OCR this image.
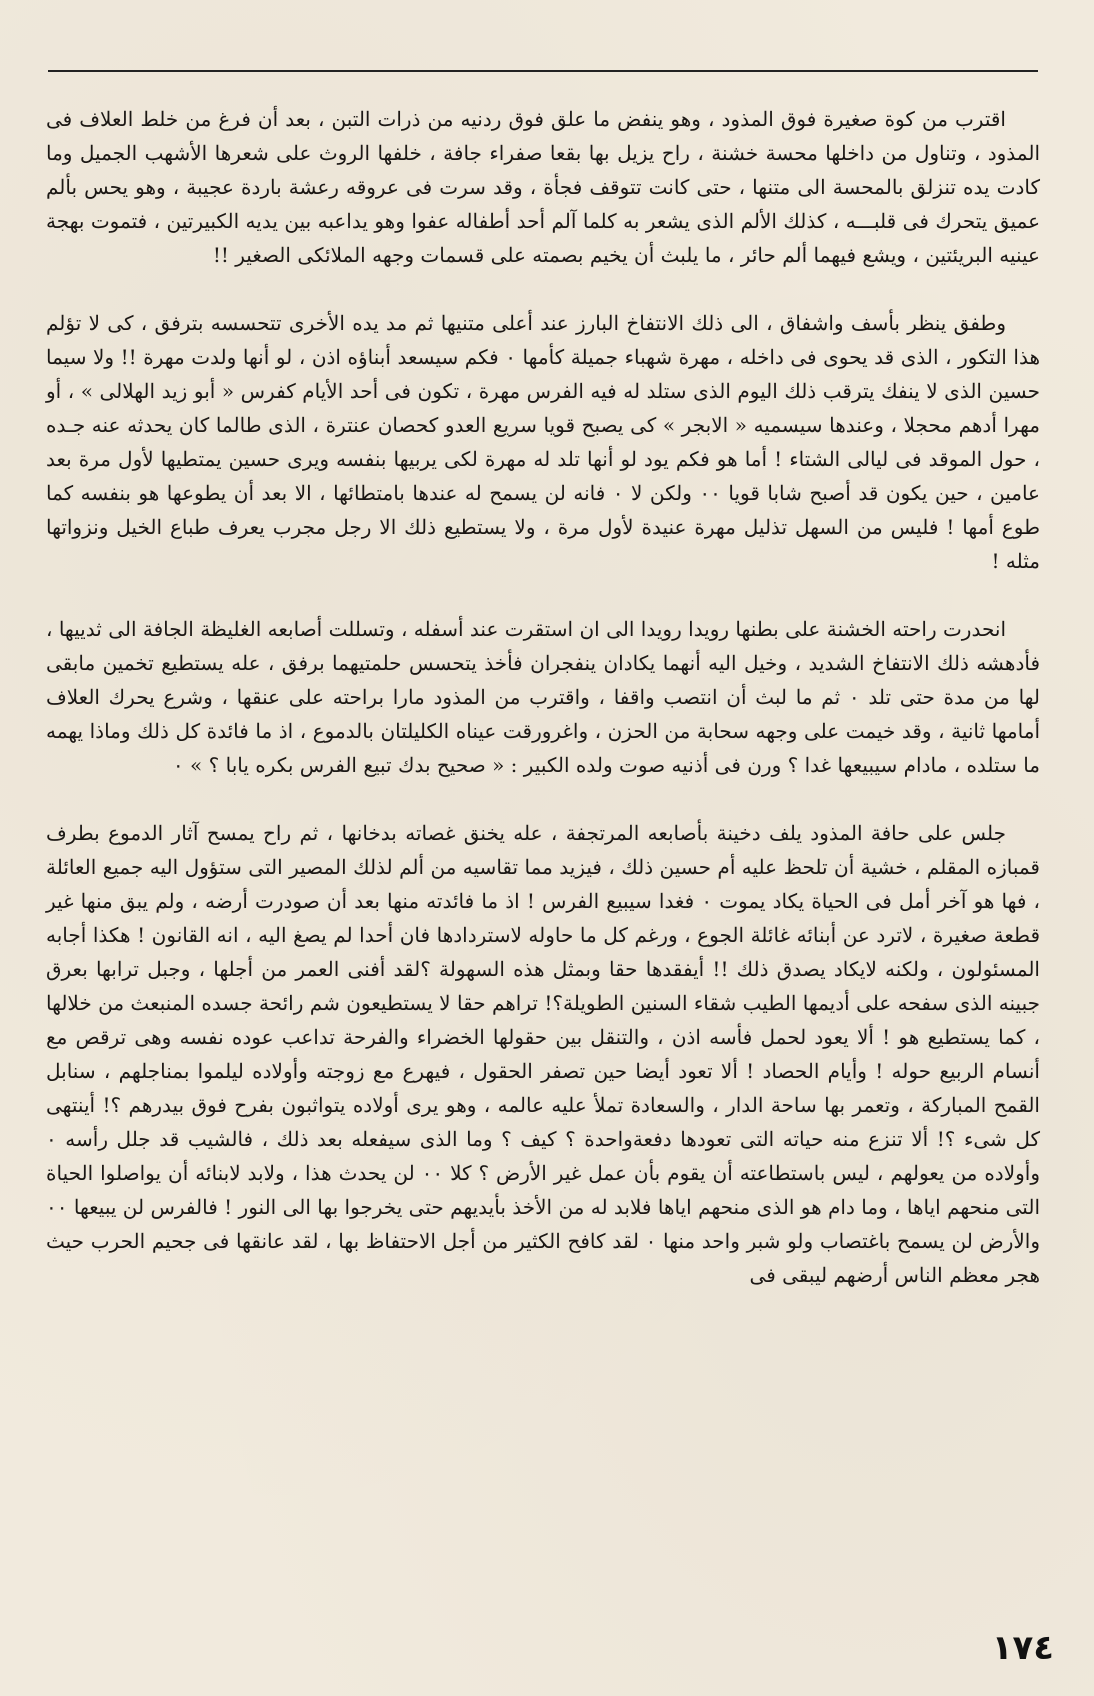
اقترب من كوة صغيرة فوق المذود ، وهو ينفض ما علق فوق ردنيه من ذرات التبن ، بعد أن فرغ من خلط العلاف فى المذود ، وتناول من داخلها محسة خشنة ، راح يزيل بها بقعا صفراء جافة ، خلفها الروث على شعرها الأشهب الجميل وما كادت يده تنزلق بالمحسة الى متنها ، حتى كانت تتوقف فجأة ، وقد سرت فى عروقه رعشة باردة عجيبة ، وهو يحس بألم عميق يتحرك فى قلبـــه ، كذلك الألم الذى يشعر به كلما آلم أحد أطفاله عفوا وهو يداعبه بين يديه الكبيرتين ، فتموت بهجة عينيه البريئتين ، ويشع فيهما ألم حائر ، ما يلبث أن يخيم بصمته على قسمات وجهه الملائكى الصغير !!

وطفق ينظر بأسف واشفاق ، الى ذلك الانتفاخ البارز عند أعلى متنيها ثم مد يده الأخرى تتحسسه بترفق ، كى لا تؤلم هذا التكور ، الذى قد يحوى فى داخله ، مهرة شهباء جميلة كأمها ٠ فكم سيسعد أبناؤه اذن ، لو أنها ولدت مهرة !! ولا سيما حسين الذى لا ينفك يترقب ذلك اليوم الذى ستلد له فيه الفرس مهرة ، تكون فى أحد الأيام كفرس « أبو زيد الهلالى » ، أو مهرا أدهم محجلا ، وعندها سيسميه « الابجر » كى يصبح قويا سريع العدو كحصان عنترة ، الذى طالما كان يحدثه عنه جـده ، حول الموقد فى ليالى الشتاء ! أما هو فكم يود لو أنها تلد له مهرة لكى يربيها بنفسه ويرى حسين يمتطيها لأول مرة بعد عامين ، حين يكون قد أصبح شابا قويا ٠٠ ولكن لا ٠ فانه لن يسمح له عندها بامتطائها ، الا بعد أن يطوعها هو بنفسه كما طوع أمها ! فليس من السهل تذليل مهرة عنيدة لأول مرة ، ولا يستطيع ذلك الا رجل مجرب يعرف طباع الخيل ونزواتها مثله !

انحدرت راحته الخشنة على بطنها رويدا رويدا الى ان استقرت عند أسفله ، وتسللت أصابعه الغليظة الجافة الى ثدييها ، فأدهشه ذلك الانتفاخ الشديد ، وخيل اليه أنهما يكادان ينفجران فأخذ يتحسس حلمتيهما برفق ، عله يستطيع تخمين مابقى لها من مدة حتى تلد ٠ ثم ما لبث أن انتصب واقفا ، واقترب من المذود مارا براحته على عنقها ، وشرع يحرك العلاف أمامها ثانية ، وقد خيمت على وجهه سحابة من الحزن ، واغرورقت عيناه الكليلتان بالدموع ، اذ ما فائدة كل ذلك وماذا يهمه ما ستلده ، مادام سيبيعها غدا ؟ ورن فى أذنيه صوت ولده الكبير : « صحيح بدك تبيع الفرس بكره يابا ؟ » ٠

جلس على حافة المذود يلف دخينة بأصابعه المرتجفة ، عله يخنق غصاته بدخانها ، ثم راح يمسح آثار الدموع بطرف قمبازه المقلم ، خشية أن تلحظ عليه أم حسين ذلك ، فيزيد مما تقاسيه من ألم لذلك المصير التى ستؤول اليه جميع العائلة ، فها هو آخر أمل فى الحياة يكاد يموت ٠ فغدا سيبيع الفرس ! اذ ما فائدته منها بعد أن صودرت أرضه ، ولم يبق منها غير قطعة صغيرة ، لاترد عن أبنائه غائلة الجوع ، ورغم كل ما حاوله لاستردادها فان أحدا لم يصغ اليه ، انه القانون ! هكذا أجابه المسئولون ، ولكنه لايكاد يصدق ذلك !! أيفقدها حقا وبمثل هذه السهولة ؟لقد أفنى العمر من أجلها ، وجبل ترابها بعرق جبينه الذى سفحه على أديمها الطيب شقاء السنين الطويلة؟! تراهم حقا لا يستطيعون شم رائحة جسده المنبعث من خلالها ، كما يستطيع هو ! ألا يعود لحمل فأسه اذن ، والتنقل بين حقولها الخضراء والفرحة تداعب عوده نفسه وهى ترقص مع أنسام الربيع حوله ! وأيام الحصاد ! ألا تعود أيضا حين تصفر الحقول ، فيهرع مع زوجته وأولاده ليلموا بمناجلهم ، سنابل القمح المباركة ، وتعمر بها ساحة الدار ، والسعادة تملأ عليه عالمه ، وهو يرى أولاده يتواثبون بفرح فوق بيدرهم ؟! أينتهى كل شىء ؟! ألا تنزع منه حياته التى تعودها دفعةواحدة ؟ كيف ؟ وما الذى سيفعله بعد ذلك ، فالشيب قد جلل رأسه ٠ وأولاده من يعولهم ، ليس باستطاعته أن يقوم بأن عمل غير الأرض ؟ كلا ٠٠ لن يحدث هذا ، ولابد لابنائه أن يواصلوا الحياة التى منحهم اياها ، وما دام هو الذى منحهم اياها فلابد له من الأخذ بأيديهم حتى يخرجوا بها الى النور ! فالفرس لن يبيعها ٠٠ والأرض لن يسمح باغتصاب ولو شبر واحد منها ٠ لقد كافح الكثير من أجل الاحتفاظ بها ، لقد عانقها فى جحيم الحرب حيث هجر معظم الناس أرضهم ليبقى فى

١٧٤
